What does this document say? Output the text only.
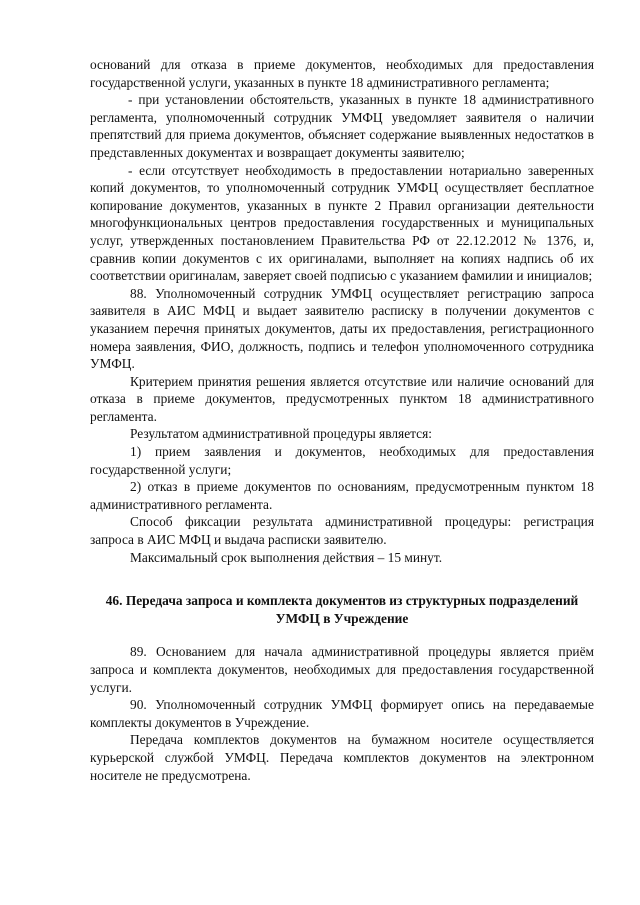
оснований для отказа в приеме документов, необходимых для предоставления государственной услуги, указанных в пункте 18 административного регламента;

- при установлении обстоятельств, указанных в пункте 18 административного регламента, уполномоченный сотрудник УМФЦ уведомляет заявителя о наличии препятствий для приема документов, объясняет содержание выявленных недостатков в представленных документах и возвращает документы заявителю;

- если отсутствует необходимость в предоставлении нотариально заверенных копий документов, то уполномоченный сотрудник УМФЦ осуществляет бесплатное копирование документов, указанных в пункте 2 Правил организации деятельности многофункциональных центров предоставления государственных и муниципальных услуг, утвержденных постановлением Правительства РФ от 22.12.2012 № 1376, и, сравнив копии документов с их оригиналами, выполняет на копиях надпись об их соответствии оригиналам, заверяет своей подписью с указанием фамилии и инициалов;

88. Уполномоченный сотрудник УМФЦ осуществляет регистрацию запроса заявителя в АИС МФЦ и выдает заявителю расписку в получении документов с указанием перечня принятых документов, даты их предоставления, регистрационного номера заявления, ФИО, должность, подпись и телефон уполномоченного сотрудника УМФЦ.

Критерием принятия решения является отсутствие или наличие оснований для отказа в приеме документов, предусмотренных пунктом 18 административного регламента.

Результатом административной процедуры является:

1) прием заявления и документов, необходимых для предоставления государственной услуги;

2) отказ в приеме документов по основаниям, предусмотренным пунктом 18 административного регламента.

Способ фиксации результата административной процедуры: регистрация запроса в АИС МФЦ и выдача расписки заявителю.

Максимальный срок выполнения действия – 15 минут.

46. Передача запроса и комплекта документов из структурных подразделений УМФЦ в Учреждение

89. Основанием для начала административной процедуры является приём запроса и комплекта документов, необходимых для предоставления государственной услуги.

90. Уполномоченный сотрудник УМФЦ формирует опись на передаваемые комплекты документов в Учреждение.

Передача комплектов документов на бумажном носителе осуществляется курьерской службой УМФЦ. Передача комплектов документов на электронном носителе не предусмотрена.
